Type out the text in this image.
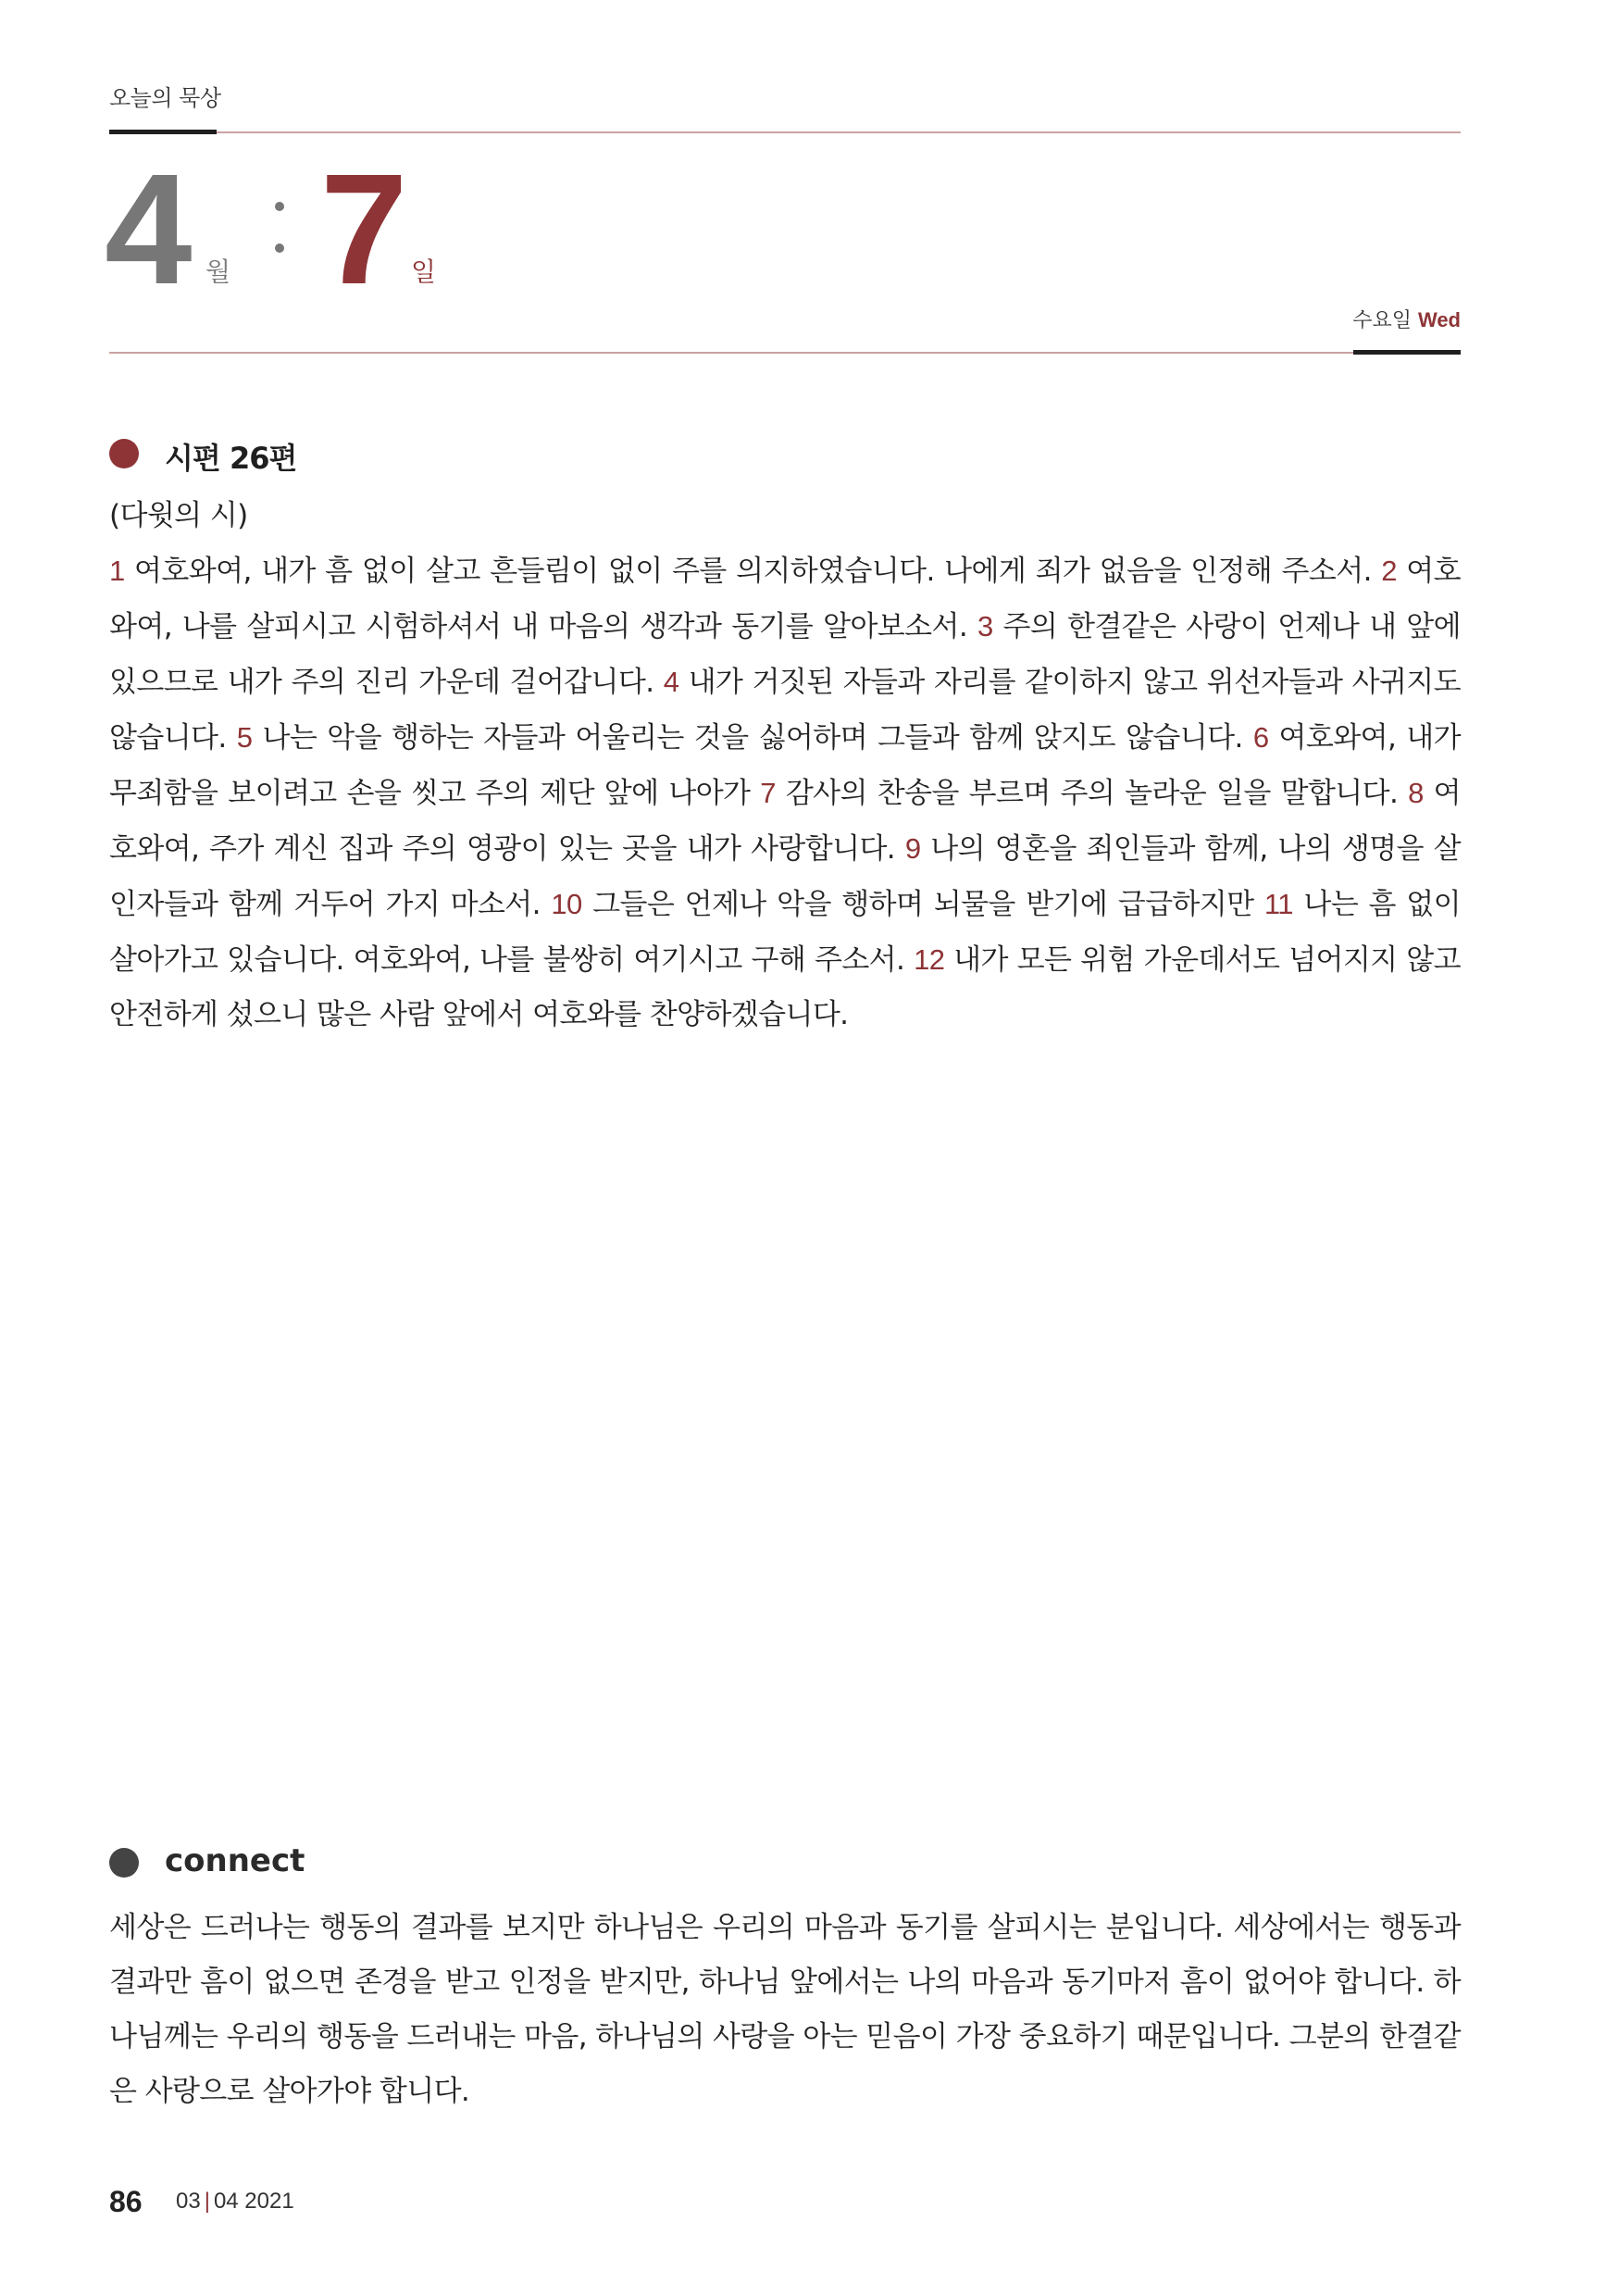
오늘의 묵상
4 월 7 일
수요일 Wed
시편 26편
(다윗의 시)
1 여호와여, 내가 흠 없이 살고 흔들림이 없이 주를 의지하였습니다. 나에게 죄가 없음을 인정해 주소서. 2 여호와여, 나를 살피시고 시험하셔서 내 마음의 생각과 동기를 알아보소서. 3 주의 한결같은 사랑이 언제나 내 앞에 있으므로 내가 주의 진리 가운데 걸어갑니다. 4 내가 거짓된 자들과 자리를 같이하지 않고 위선자들과 사귀지도 않습니다. 5 나는 악을 행하는 자들과 어울리는 것을 싫어하며 그들과 함께 앉지도 않습니다. 6 여호와여, 내가 무죄함을 보이려고 손을 씻고 주의 제단 앞에 나아가 7 감사의 찬송을 부르며 주의 놀라운 일을 말합니다. 8 여호와여, 주가 계신 집과 주의 영광이 있는 곳을 내가 사랑합니다. 9 나의 영혼을 죄인들과 함께, 나의 생명을 살인자들과 함께 거두어 가지 마소서. 10 그들은 언제나 악을 행하며 뇌물을 받기에 급급하지만 11 나는 흠 없이 살아가고 있습니다. 여호와여, 나를 불쌍히 여기시고 구해 주소서. 12 내가 모든 위험 가운데서도 넘어지지 않고 안전하게 섰으니 많은 사람 앞에서 여호와를 찬양하겠습니다.
connect
세상은 드러나는 행동의 결과를 보지만 하나님은 우리의 마음과 동기를 살피시는 분입니다. 세상에서는 행동과 결과만 흠이 없으면 존경을 받고 인정을 받지만, 하나님 앞에서는 나의 마음과 동기마저 흠이 없어야 합니다. 하나님께는 우리의 행동을 드러내는 마음, 하나님의 사랑을 아는 믿음이 가장 중요하기 때문입니다. 그분의 한결같은 사랑으로 살아가야 합니다.
86 03 | 04 2021
